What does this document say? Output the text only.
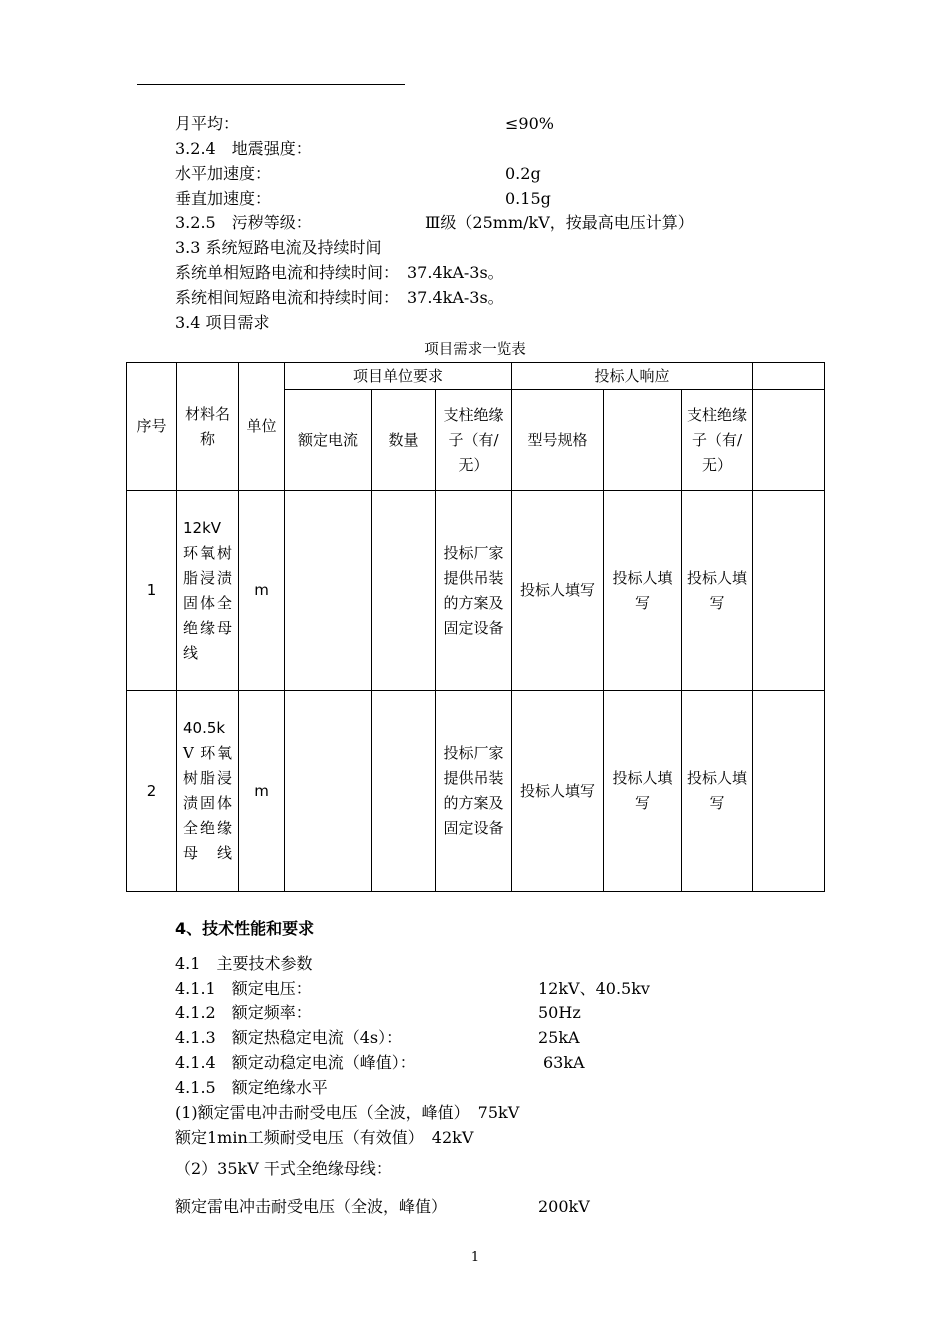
月平均：	≤90%
3.2.4　地震强度：
水平加速度：	0.2g
垂直加速度：	0.15g
3.2.5　污秽等级：	Ⅲ级（25mm/kV，按最高电压计算）
3.3 系统短路电流及持续时间
系统单相短路电流和持续时间：　37.4kA-3s。
系统相间短路电流和持续时间：　37.4kA-3s。
3.4 项目需求
项目需求一览表
序号	材料名称	单位	项目单位要求			投标人响应			
			额定电流	数量	支柱绝缘子（有/无）	型号规格		支柱绝缘子（有/无）	
1	12kV
环氧树脂浸渍固体全绝缘母线	m			投标厂家提供吊装的方案及固定设备	投标人填写	投标人填写	投标人填写	
2	40.5k
V 环氧树脂浸渍固体全绝缘母线	m			投标厂家提供吊装的方案及固定设备	投标人填写	投标人填写	投标人填写	
4、技术性能和要求
4.1　主要技术参数
4.1.1　额定电压：	12kV、40.5kv
4.1.2　额定频率：	50Hz
4.1.3　额定热稳定电流（4s）：	25kA
4.1.4　额定动稳定电流（峰值）：	63kA
4.1.5　额定绝缘水平
(1)额定雷电冲击耐受电压（全波，峰值）　75kV
额定1min工频耐受电压（有效值）　42kV
（2）35kV 干式全绝缘母线：
额定雷电冲击耐受电压（全波，峰值）	200kV
1
